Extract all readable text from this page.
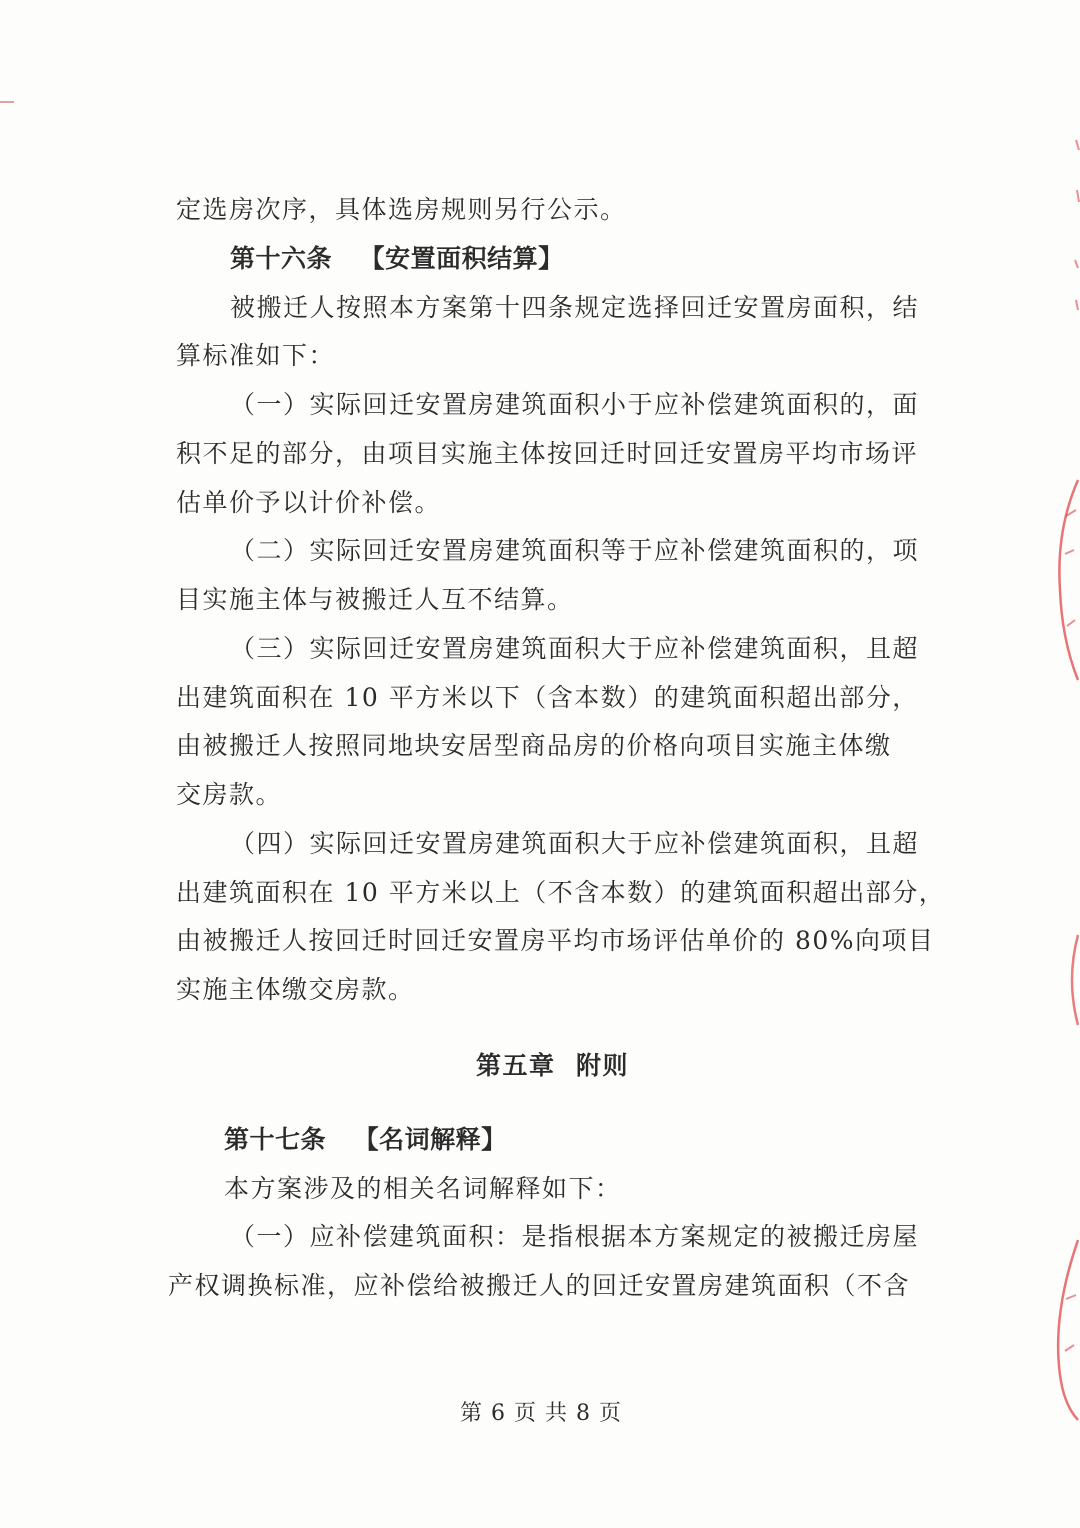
定选房次序，具体选房规则另行公示。
第十六条 【安置面积结算】
被搬迁人按照本方案第十四条规定选择回迁安置房面积，结
算标准如下：
（一）实际回迁安置房建筑面积小于应补偿建筑面积的，面
积不足的部分，由项目实施主体按回迁时回迁安置房平均市场评
估单价予以计价补偿。
（二）实际回迁安置房建筑面积等于应补偿建筑面积的，项
目实施主体与被搬迁人互不结算。
（三）实际回迁安置房建筑面积大于应补偿建筑面积，且超
出建筑面积在 10 平方米以下（含本数）的建筑面积超出部分，
由被搬迁人按照同地块安居型商品房的价格向项目实施主体缴
交房款。
（四）实际回迁安置房建筑面积大于应补偿建筑面积，且超
出建筑面积在 10 平方米以上（不含本数）的建筑面积超出部分，
由被搬迁人按回迁时回迁安置房平均市场评估单价的 80%向项目
实施主体缴交房款。
第五章 附则
第十七条 【名词解释】
本方案涉及的相关名词解释如下：
（一）应补偿建筑面积：是指根据本方案规定的被搬迁房屋
产权调换标准，应补偿给被搬迁人的回迁安置房建筑面积（不含
第 6 页 共 8 页
